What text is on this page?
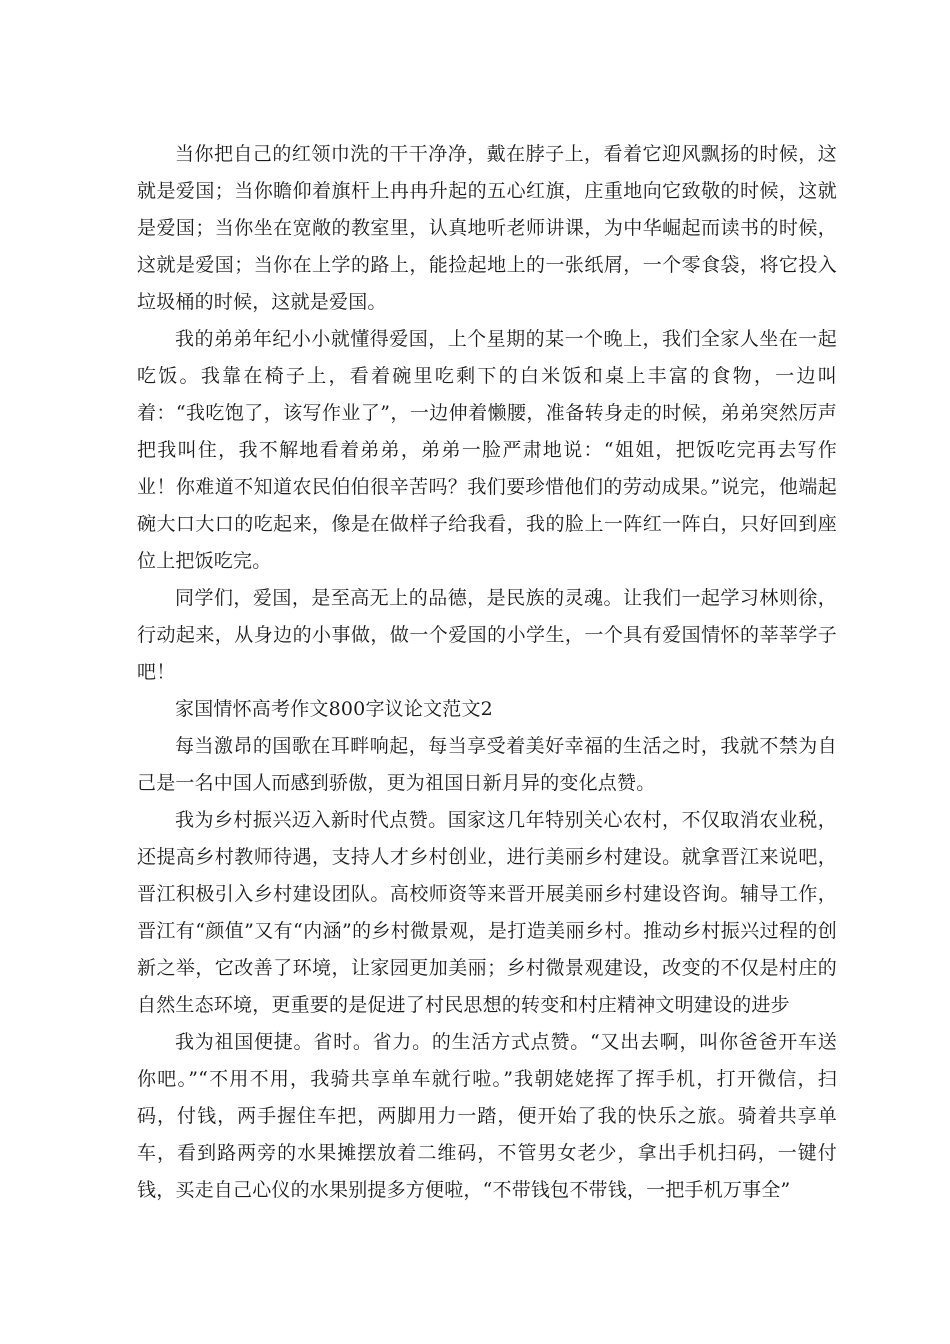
当你把自己的红领巾洗的干干净净，戴在脖子上，看着它迎风飘扬的时候，这就是爱国；当你瞻仰着旗杆上冉冉升起的五心红旗，庄重地向它致敬的时候，这就是爱国；当你坐在宽敞的教室里，认真地听老师讲课，为中华崛起而读书的时候，这就是爱国；当你在上学的路上，能捡起地上的一张纸屑，一个零食袋，将它投入垃圾桶的时候，这就是爱国。

我的弟弟年纪小小就懂得爱国，上个星期的某一个晚上，我们全家人坐在一起吃饭。我靠在椅子上，看着碗里吃剩下的白米饭和桌上丰富的食物，一边叫着：“我吃饱了，该写作业了”，一边伸着懒腰，准备转身走的时候，弟弟突然厉声把我叫住，我不解地看着弟弟，弟弟一脸严肃地说：“姐姐，把饭吃完再去写作业！你难道不知道农民伯伯很辛苦吗？我们要珍惜他们的劳动成果。”说完，他端起碗大口大口的吃起来，像是在做样子给我看，我的脸上一阵红一阵白，只好回到座位上把饭吃完。

同学们，爱国，是至高无上的品德，是民族的灵魂。让我们一起学习林则徐，行动起来，从身边的小事做，做一个爱国的小学生，一个具有爱国情怀的莘莘学子吧！

家国情怀高考作文800字议论文范文2

每当激昂的国歌在耳畔响起，每当享受着美好幸福的生活之时，我就不禁为自己是一名中国人而感到骄傲，更为祖国日新月异的变化点赞。

我为乡村振兴迈入新时代点赞。国家这几年特别关心农村，不仅取消农业税，还提高乡村教师待遇，支持人才乡村创业，进行美丽乡村建设。就拿晋江来说吧，晋江积极引入乡村建设团队。高校师资等来晋开展美丽乡村建设咨询。辅导工作，晋江有“颜值”又有“内涵”的乡村微景观，是打造美丽乡村。推动乡村振兴过程的创新之举，它改善了环境，让家园更加美丽；乡村微景观建设，改变的不仅是村庄的自然生态环境，更重要的是促进了村民思想的转变和村庄精神文明建设的进步

我为祖国便捷。省时。省力。的生活方式点赞。“又出去啊，叫你爸爸开车送你吧。”“不用不用，我骑共享单车就行啦。”我朝姥姥挥了挥手机，打开微信，扫码，付钱，两手握住车把，两脚用力一踏，便开始了我的快乐之旅。骑着共享单车，看到路两旁的水果摊摆放着二维码，不管男女老少，拿出手机扫码，一键付钱，买走自己心仪的水果别提多方便啦，“不带钱包不带钱，一把手机万事全”
